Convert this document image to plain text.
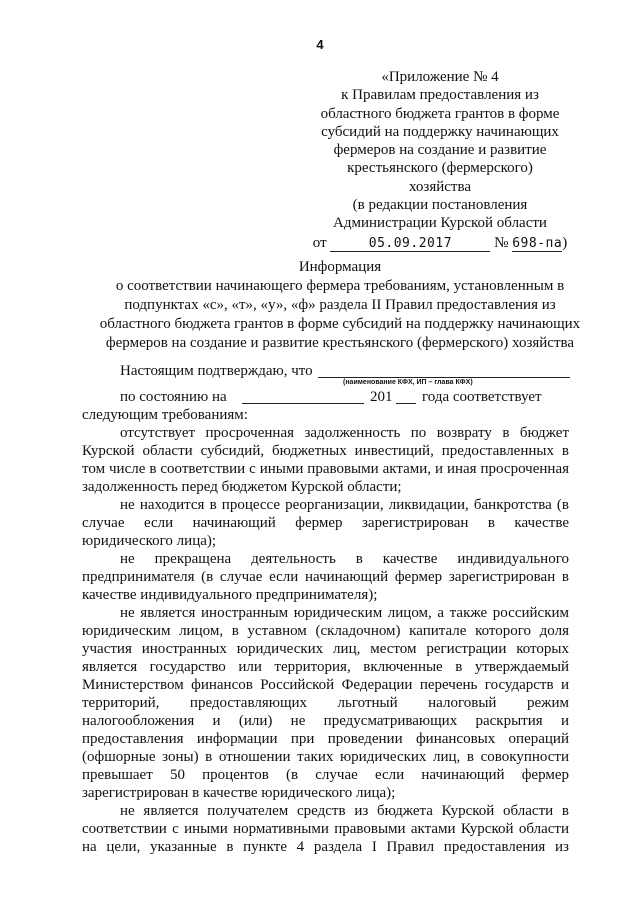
4
«Приложение № 4
к Правилам предоставления из
областного бюджета грантов в форме
субсидий на поддержку начинающих
фермеров на создание и развитие
крестьянского (фермерского)
хозяйства
(в редакции постановления
Администрации Курской области
от	05.09.2017	№ 698-па)
Информация
о соответствии начинающего фермера требованиям, установленным в
подпунктах «с», «т», «у», «ф» раздела II Правил предоставления из
областного бюджета грантов в форме субсидий на поддержку начинающих
фермеров на создание и развитие крестьянского (фермерского) хозяйства
Настоящим подтверждаю, что
(наименование КФХ, ИП – глава КФХ)
по состоянию на	201 года соответствует
следующим требованиям:
отсутствует просроченная задолженность по возврату в бюджет
Курской области субсидий, бюджетных инвестиций, предоставленных в
том числе в соответствии с иными правовыми актами, и иная просроченная
задолженность перед бюджетом Курской области;
не находится в процессе реорганизации, ликвидации, банкротства (в
случае если начинающий фермер зарегистрирован в качестве
юридического лица);
не прекращена деятельность в качестве индивидуального
предпринимателя (в случае если начинающий фермер зарегистрирован в
качестве индивидуального предпринимателя);
не является иностранным юридическим лицом, а также российским
юридическим лицом, в уставном (складочном) капитале которого доля
участия иностранных юридических лиц, местом регистрации которых
является государство или территория, включенные в утверждаемый
Министерством финансов Российской Федерации перечень государств и
территорий, предоставляющих льготный налоговый режим
налогообложения и (или) не предусматривающих раскрытия и
предоставления информации при проведении финансовых операций
(офшорные зоны) в отношении таких юридических лиц, в совокупности
превышает 50 процентов (в случае если начинающий фермер
зарегистрирован в качестве юридического лица);
не является получателем средств из бюджета Курской области в
соответствии с иными нормативными правовыми актами Курской области
на цели, указанные в пункте 4 раздела I Правил предоставления из
